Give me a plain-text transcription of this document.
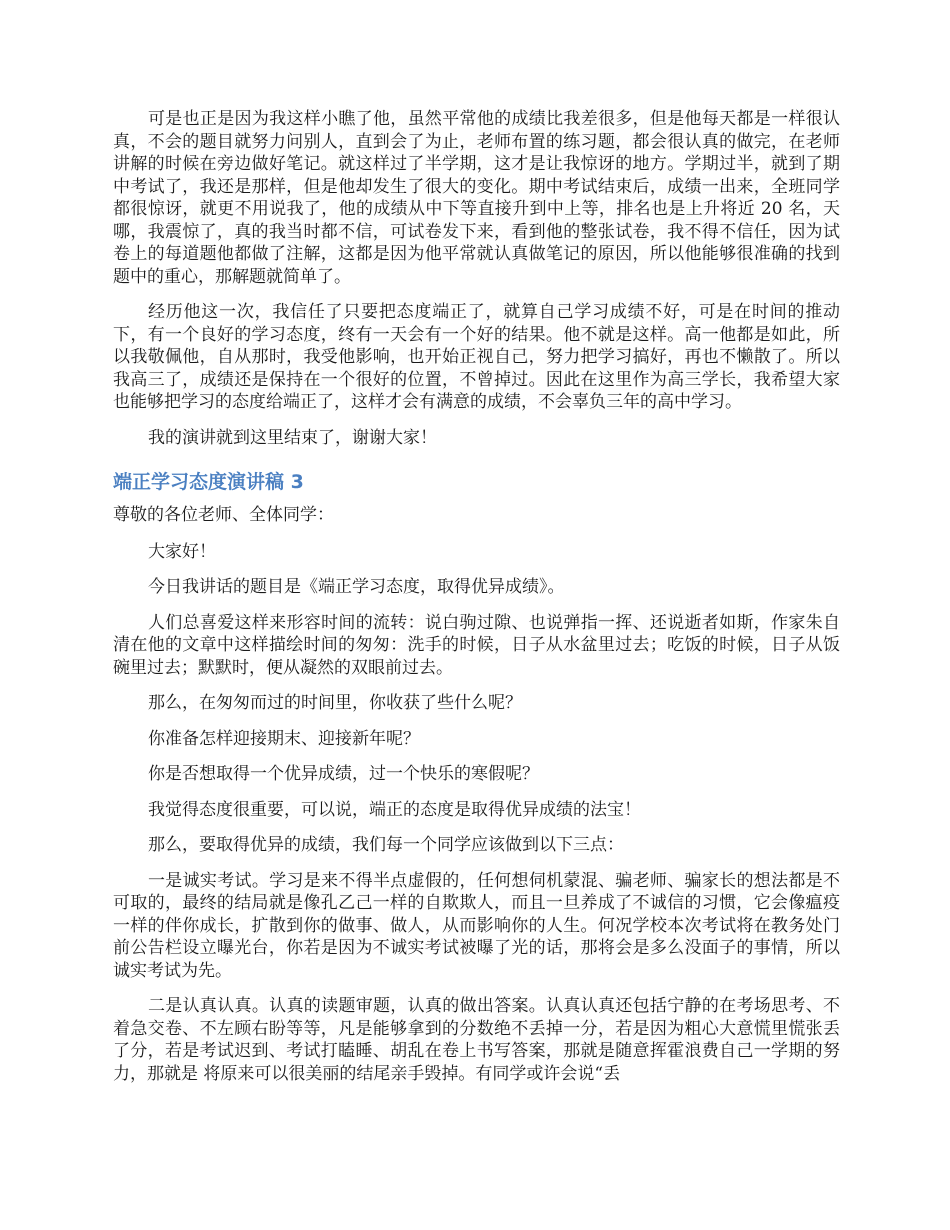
可是也正是因为我这样小瞧了他，虽然平常他的成绩比我差很多，但是他每天都是一样很认真，不会的题目就努力问别人，直到会了为止，老师布置的练习题，都会很认真的做完，在老师讲解的时候在旁边做好笔记。就这样过了半学期，这才是让我惊讶的地方。学期过半，就到了期中考试了，我还是那样，但是他却发生了很大的变化。期中考试结束后，成绩一出来，全班同学都很惊讶，就更不用说我了，他的成绩从中下等直接升到中上等，排名也是上升将近 20 名，天哪，我震惊了，真的我当时都不信，可试卷发下来，看到他的整张试卷，我不得不信任，因为试卷上的每道题他都做了注解，这都是因为他平常就认真做笔记的原因，所以他能够很准确的找到题中的重心，那解题就简单了。

经历他这一次，我信任了只要把态度端正了，就算自己学习成绩不好，可是在时间的推动下，有一个良好的学习态度，终有一天会有一个好的结果。他不就是这样。高一他都是如此，所以我敬佩他，自从那时，我受他影响，也开始正视自己，努力把学习搞好，再也不懒散了。所以我高三了，成绩还是保持在一个很好的位置，不曾掉过。因此在这里作为高三学长，我希望大家也能够把学习的态度给端正了，这样才会有满意的成绩，不会辜负三年的高中学习。

我的演讲就到这里结束了，谢谢大家！

端正学习态度演讲稿 3

尊敬的各位老师、全体同学：

大家好！

今日我讲话的题目是《端正学习态度，取得优异成绩》。

人们总喜爱这样来形容时间的流转：说白驹过隙、也说弹指一挥、还说逝者如斯，作家朱自清在他的文章中这样描绘时间的匆匆：洗手的时候，日子从水盆里过去；吃饭的时候，日子从饭碗里过去；默默时，便从凝然的双眼前过去。

那么，在匆匆而过的时间里，你收获了些什么呢？

你准备怎样迎接期末、迎接新年呢？

你是否想取得一个优异成绩，过一个快乐的寒假呢？

我觉得态度很重要，可以说，端正的态度是取得优异成绩的法宝！

那么，要取得优异的成绩，我们每一个同学应该做到以下三点：

一是诚实考试。学习是来不得半点虚假的，任何想伺机蒙混、骗老师、骗家长的想法都是不可取的，最终的结局就是像孔乙己一样的自欺欺人，而且一旦养成了不诚信的习惯，它会像瘟疫一样的伴你成长，扩散到你的做事、做人，从而影响你的人生。何况学校本次考试将在教务处门前公告栏设立曝光台，你若是因为不诚实考试被曝了光的话，那将会是多么没面子的事情，所以诚实考试为先。

二是认真认真。认真的读题审题，认真的做出答案。认真认真还包括宁静的在考场思考、不着急交卷、不左顾右盼等等，凡是能够拿到的分数绝不丢掉一分，若是因为粗心大意慌里慌张丢了分，若是考试迟到、考试打瞌睡、胡乱在卷上书写答案，那就是随意挥霍浪费自己一学期的努力，那就是 将原来可以很美丽的结尾亲手毁掉。有同学或许会说“丢
